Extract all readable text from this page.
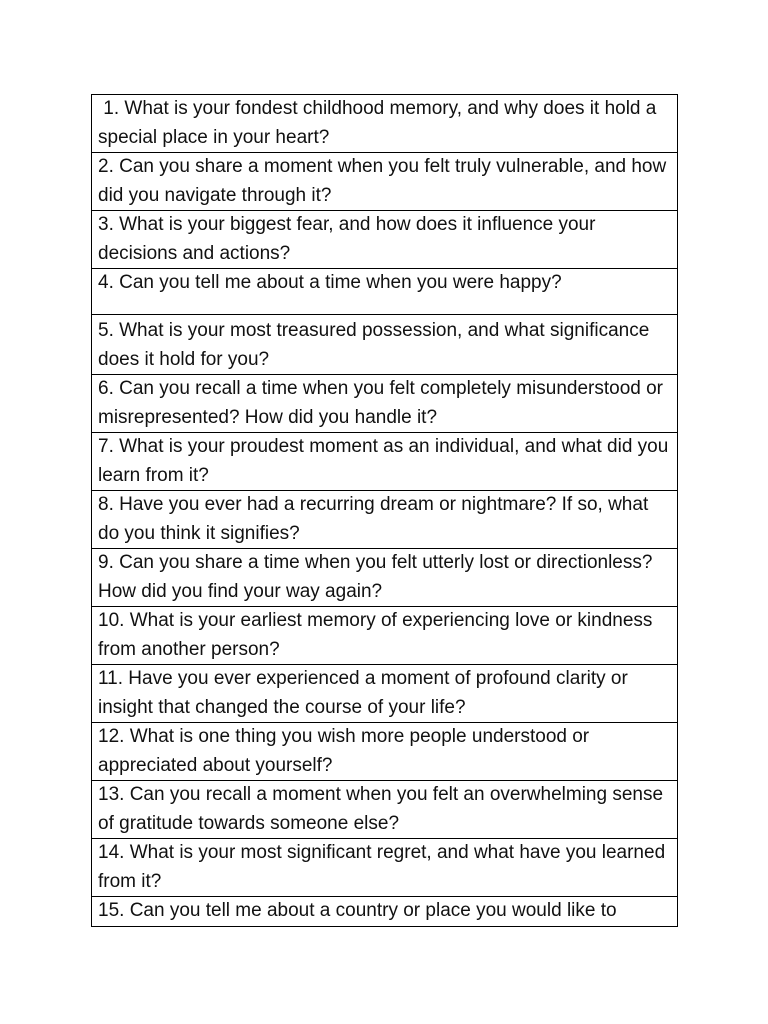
1. What is your fondest childhood memory, and why does it hold a special place in your heart?
2. Can you share a moment when you felt truly vulnerable, and how did you navigate through it?
3. What is your biggest fear, and how does it influence your decisions and actions?
4. Can you tell me about a time when you were happy?
5. What is your most treasured possession, and what significance does it hold for you?
6. Can you recall a time when you felt completely misunderstood or misrepresented? How did you handle it?
7. What is your proudest moment as an individual, and what did you learn from it?
8. Have you ever had a recurring dream or nightmare? If so, what do you think it signifies?
9. Can you share a time when you felt utterly lost or directionless? How did you find your way again?
10. What is your earliest memory of experiencing love or kindness from another person?
11. Have you ever experienced a moment of profound clarity or insight that changed the course of your life?
12. What is one thing you wish more people understood or appreciated about yourself?
13. Can you recall a moment when you felt an overwhelming sense of gratitude towards someone else?
14. What is your most significant regret, and what have you learned from it?
15. Can you tell me about a country or place you would like to
